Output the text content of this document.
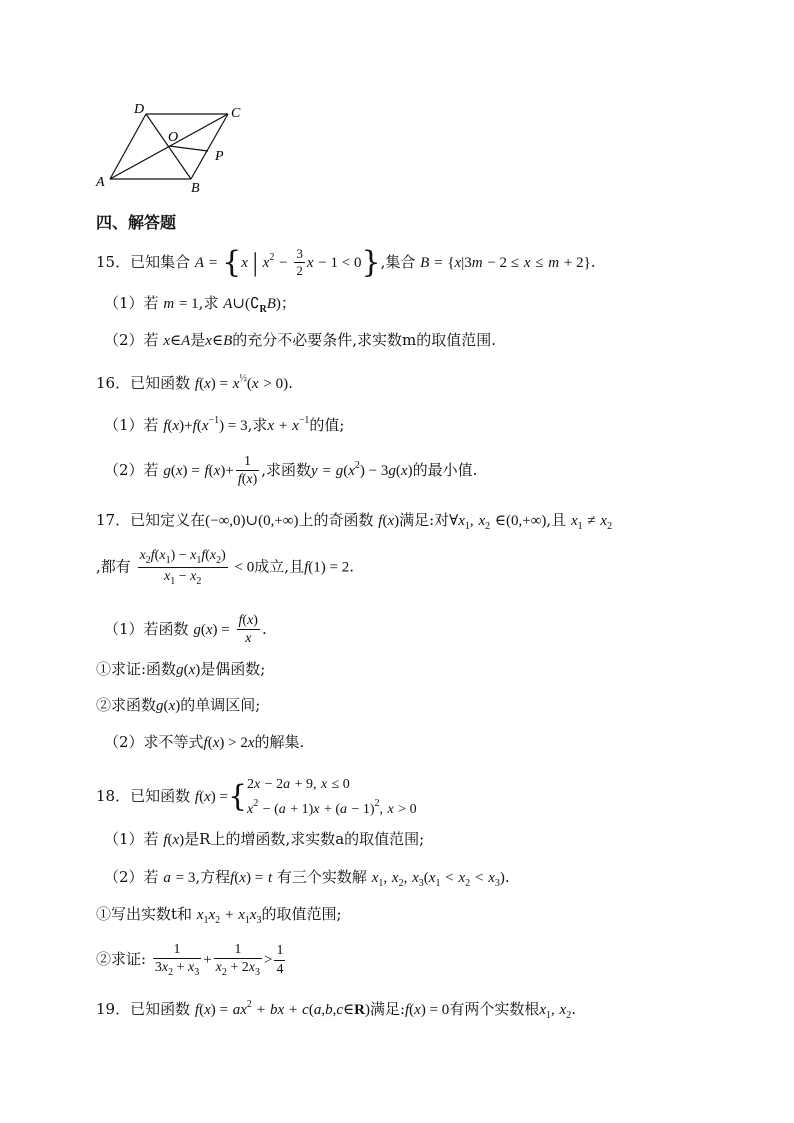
D	C
O
P
A	B
四、解答题
15．已知集合 A = {x | $x^2 - \frac{3}{2}$ x − 1 < 0},集合 B = {x|3m − 2 ≤ x ≤ m + 2}.
（1）若 m = 1,求 $A\cup(∁_RB)$；
（2）若 x∈A是x∈B的充分不必要条件,求实数m的取值范围.
16．已知函数 $f(x) = x^{\frac{1}{2}}(x > 0)$.
（1）若 $f(x)+f(x^{-1}) = 3$,求$x + x^{-1}$的值;
（2）若 $g(x) = f(x)+ \frac{1}{f(x)}$ ,求函数$y = g(x^2) - 3g(x)$的最小值.
17．已知定义在(−∞,0)∪(0,+∞)上的奇函数 f(x)满足:对$\forall x_1$, $x_2$ ∈(0,+∞),且 $x_1 \ne x_2$
,都有 $\frac{x_2f(x_1) - x_1f(x_2)}{x_1 - x_2} < 0$成立,且f(1) = 2.
（1）若函数 $g(x) = \frac{f(x)}{x}$ .
①求证:函数g(x)是偶函数;
②求函数g(x)的单调区间;
（2）求不等式f(x) > 2x的解集.
18．已知函数 f(x) ={ 2x − 2a + 9, x ≤ 0
$x^2 - (a + 1)x + (a - 1)^2$, x > 0
（1）若 f(x)是R上的增函数,求实数a的取值范围;
（2）若 a = 3,方程f(x) = t 有三个实数解 $x_1$, $x_2$, $x_3(x_1 < x_2 < x_3)$.
①写出实数t和 $x_1x_2 + x_1x_3$的取值范围;
②求证: $\frac{1}{3x_2 + x_3} + \frac{1}{x_2 + 2x_3} > \frac{1}{4}$
19．已知函数 $f(x) = ax^2$ + bx + c(a,b,c∈R)满足:f(x) = 0有两个实数根$x_1$, $x_2$.
